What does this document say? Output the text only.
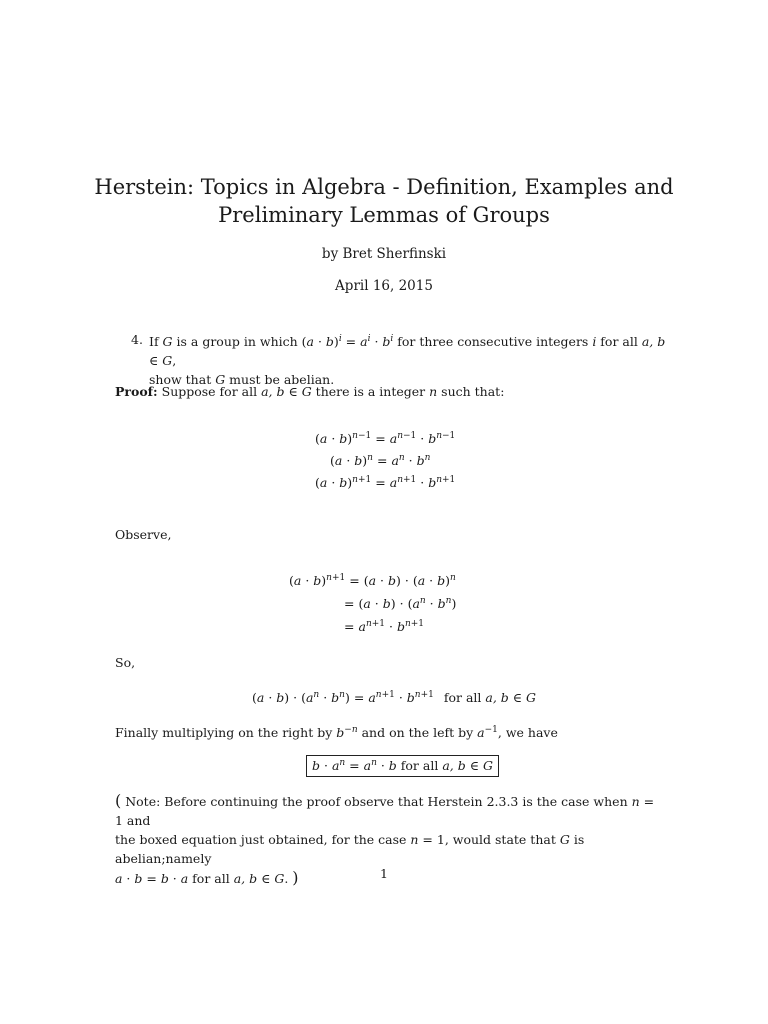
Herstein: Topics in Algebra - Definition, Examples and
Preliminary Lemmas of Groups
by Bret Sherfinski
April 16, 2015
4. If G is a group in which $(a \cdot b)^i = a^i \cdot b^i$ for three consecutive integers i for all a, b ∈ G,
show that G must be abelian.
Proof: Suppose for all a, b ∈ G there is a integer n such that:
$(a \cdot b)^{n-1} = a^{n-1} \cdot b^{n-1}$
$(a \cdot b)^n = a^n \cdot b^n$
$(a \cdot b)^{n+1} = a^{n+1} \cdot b^{n+1}$
Observe,
$(a \cdot b)^{n+1} = (a \cdot b) \cdot (a \cdot b)^n$
= $(a \cdot b) \cdot (a^n \cdot b^n)$
= $a^{n+1} \cdot b^{n+1}$
So,
$(a \cdot b) \cdot (a^n \cdot b^n) = a^{n+1} \cdot b^{n+1}$ for all a, b ∈ G
Finally multiplying on the right by $b^{-n}$ and on the left by $a^{-1}$, we have
$b \cdot a^n = a^n \cdot b$ for all a, b ∈ G
( Note: Before continuing the proof observe that Herstein 2.3.3 is the case when n = 1 and
the boxed equation just obtained, for the case n = 1, would state that G is abelian;namely
a · b = b · a for all a, b ∈ G. )	1
